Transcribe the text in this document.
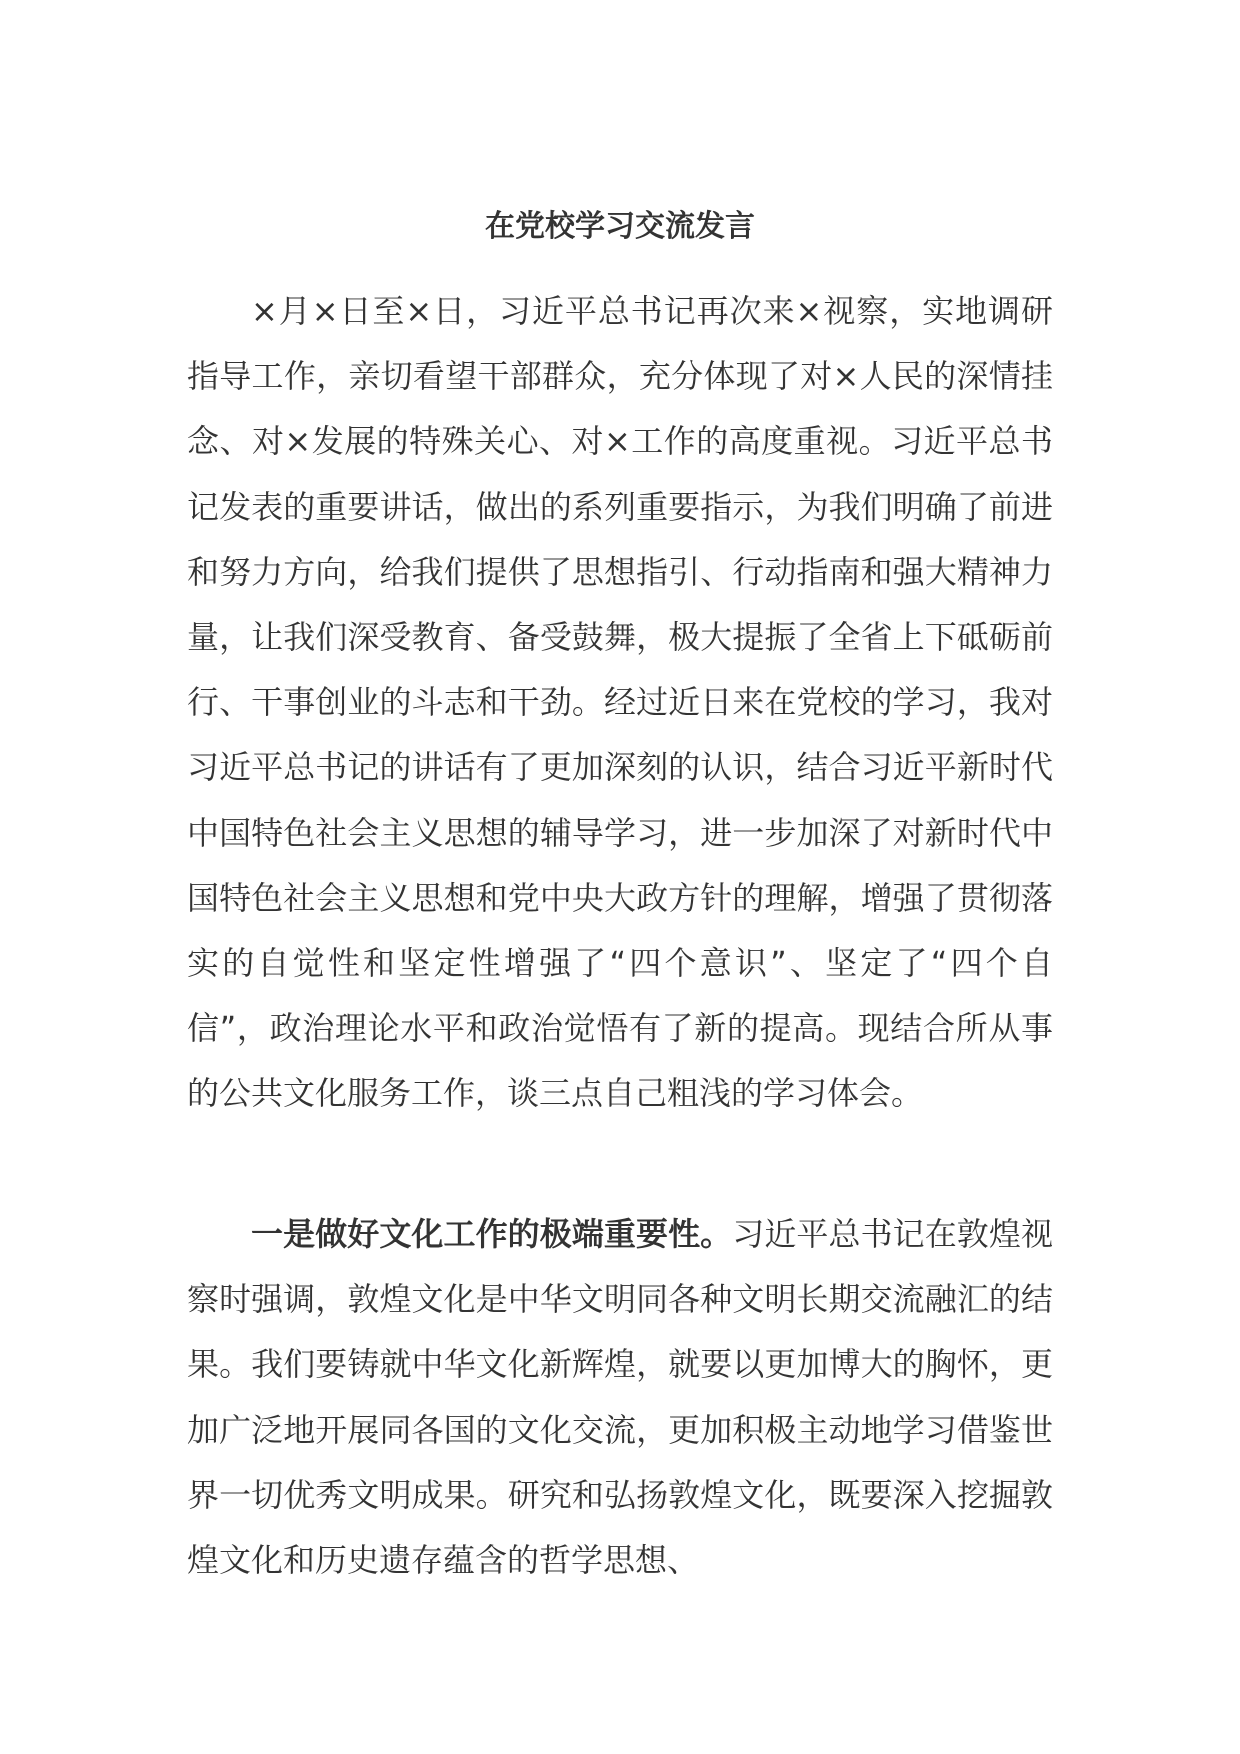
在党校学习交流发言

×月×日至×日，习近平总书记再次来×视察，实地调研指导工作，亲切看望干部群众，充分体现了对×人民的深情挂念、对×发展的特殊关心、对×工作的高度重视。习近平总书记发表的重要讲话，做出的系列重要指示，为我们明确了前进和努力方向，给我们提供了思想指引、行动指南和强大精神力量，让我们深受教育、备受鼓舞，极大提振了全省上下砥砺前行、干事创业的斗志和干劲。经过近日来在党校的学习，我对习近平总书记的讲话有了更加深刻的认识，结合习近平新时代中国特色社会主义思想的辅导学习，进一步加深了对新时代中国特色社会主义思想和党中央大政方针的理解，增强了贯彻落实的自觉性和坚定性增强了“四个意识”、坚定了“四个自信”，政治理论水平和政治觉悟有了新的提高。现结合所从事的公共文化服务工作，谈三点自己粗浅的学习体会。

一是做好文化工作的极端重要性。习近平总书记在敦煌视察时强调，敦煌文化是中华文明同各种文明长期交流融汇的结果。我们要铸就中华文化新辉煌，就要以更加博大的胸怀，更加广泛地开展同各国的文化交流，更加积极主动地学习借鉴世界一切优秀文明成果。研究和弘扬敦煌文化，既要深入挖掘敦煌文化和历史遗存蕴含的哲学思想、
